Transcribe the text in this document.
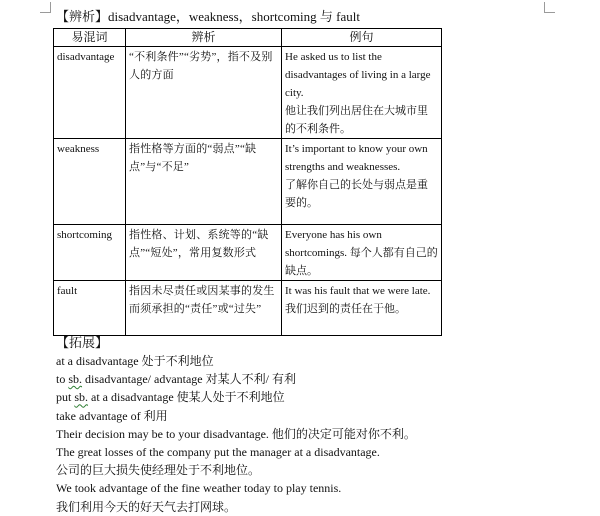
【辨析】disadvantage，weakness，shortcoming 与 fault
易混词	辨析	例句
disadvantage	“不利条件”“劣势”，指不及别人的方面	He asked us to list the disadvantages of living in a large city.
他让我们列出居住在大城市里的不利条件。

weakness	指性格等方面的“弱点”“缺点”与“不足”	It’s important to know your own strengths and weaknesses.
了解你自己的长处与弱点是重要的。

shortcoming	指性格、计划、系统等的“缺点”“短处”，常用复数形式	Everyone has his own shortcomings. 每个人都有自己的缺点。
fault	指因未尽责任或因某事的发生而须承担的“责任”或“过失”	It was his fault that we were late. 我们迟到的责任在于他。
【拓展】
at a disadvantage 处于不利地位
to sb. disadvantage/ advantage 对某人不利/ 有利
put sb. at a disadvantage 使某人处于不利地位
take advantage of 利用
Their decision may be to your disadvantage. 他们的决定可能对你不利。
The great losses of the company put the manager at a disadvantage.
公司的巨大损失使经理处于不利地位。
We took advantage of the fine weather today to play tennis.
我们利用今天的好天气去打网球。
